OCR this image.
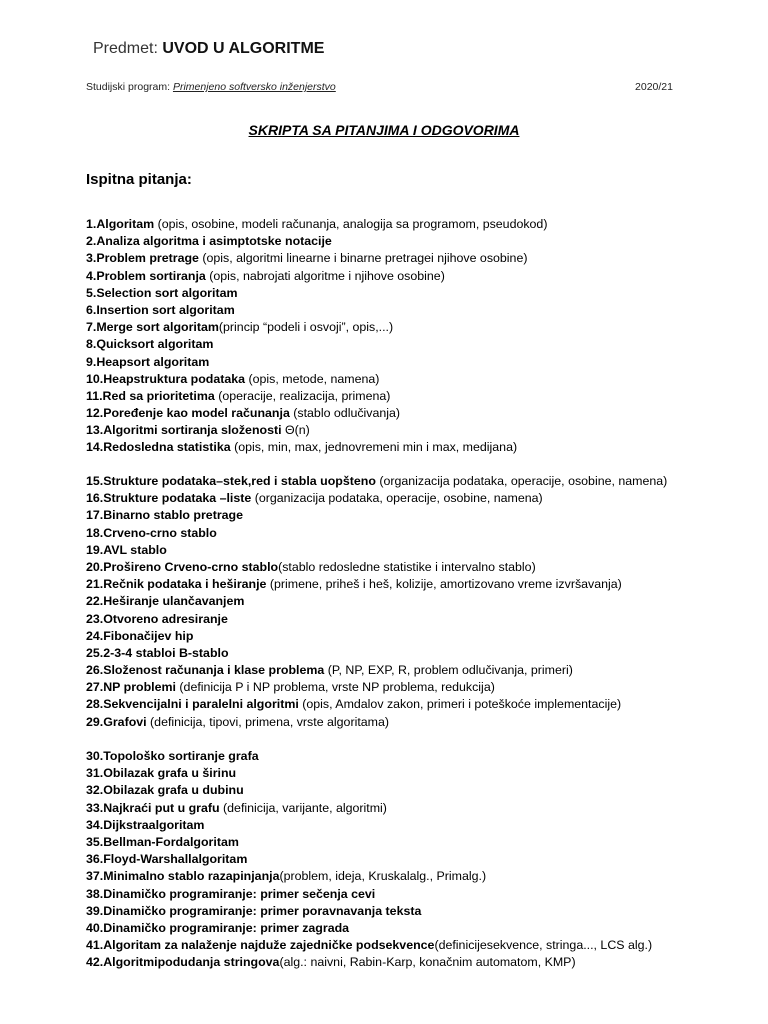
Predmet: UVOD U ALGORITME
Studijski program: Primenjeno softversko inženjerstvo	2020/21
SKRIPTA SA PITANJIMA I ODGOVORIMA
Ispitna pitanja:
1.Algoritam (opis, osobine, modeli računanja, analogija sa programom, pseudokod)
2.Analiza algoritma i asimptotske notacije
3.Problem pretrage (opis, algoritmi linearne i binarne pretragei njihove osobine)
4.Problem sortiranja (opis, nabrojati algoritme i njihove osobine)
5.Selection sort algoritam
6.Insertion sort algoritam
7.Merge sort algoritam(princip “podeli i osvoji”, opis,...)
8.Quicksort algoritam
9.Heapsort algoritam
10.Heapstruktura podataka (opis, metode, namena)
11.Red sa prioritetima (operacije, realizacija, primena)
12.Poređenje kao model računanja (stablo odlučivanja)
13.Algoritmi sortiranja složenosti Θ(n)
14.Redosledna statistika (opis, min, max, jednovremeni min i max, medijana)
15.Strukture podataka–stek,red i stabla uopšteno (organizacija podataka, operacije, osobine, namena)
16.Strukture podataka –liste (organizacija podataka, operacije, osobine, namena)
17.Binarno stablo pretrage
18.Crveno-crno stablo
19.AVL stablo
20.Prošireno Crveno-crno stablo(stablo redosledne statistike i intervalno stablo)
21.Rečnik podataka i heširanje (primene, priheš i heš, kolizije, amortizovano vreme izvršavanja)
22.Heširanje ulančavanjem
23.Otvoreno adresiranje
24.Fibonačijev hip
25.2-3-4 stabloi B-stablo
26.Složenost računanja i klase problema (P, NP, EXP, R, problem odlučivanja, primeri)
27.NP problemi (definicija P i NP problema, vrste NP problema, redukcija)
28.Sekvencijalni i paralelni algoritmi (opis, Amdalov zakon, primeri i poteškoće implementacije)
29.Grafovi (definicija, tipovi, primena, vrste algoritama)
30.Topološko sortiranje grafa
31.Obilazak grafa u širinu
32.Obilazak grafa u dubinu
33.Najkraći put u grafu (definicija, varijante, algoritmi)
34.Dijkstraalgoritam
35.Bellman-Fordalgoritam
36.Floyd-Warshallalgoritam
37.Minimalno stablo razapinjanja(problem, ideja, Kruskalalg., Primalg.)
38.Dinamičko programiranje: primer sečenja cevi
39.Dinamičko programiranje: primer poravnavanja teksta
40.Dinamičko programiranje: primer zagrada
41.Algoritam za nalaženje najduže zajedničke podsekvence(definicijesekvence, stringa..., LCS alg.)
42.Algoritmipodudanja stringova(alg.: naivni, Rabin-Karp, konačnim automatom, KMP)
